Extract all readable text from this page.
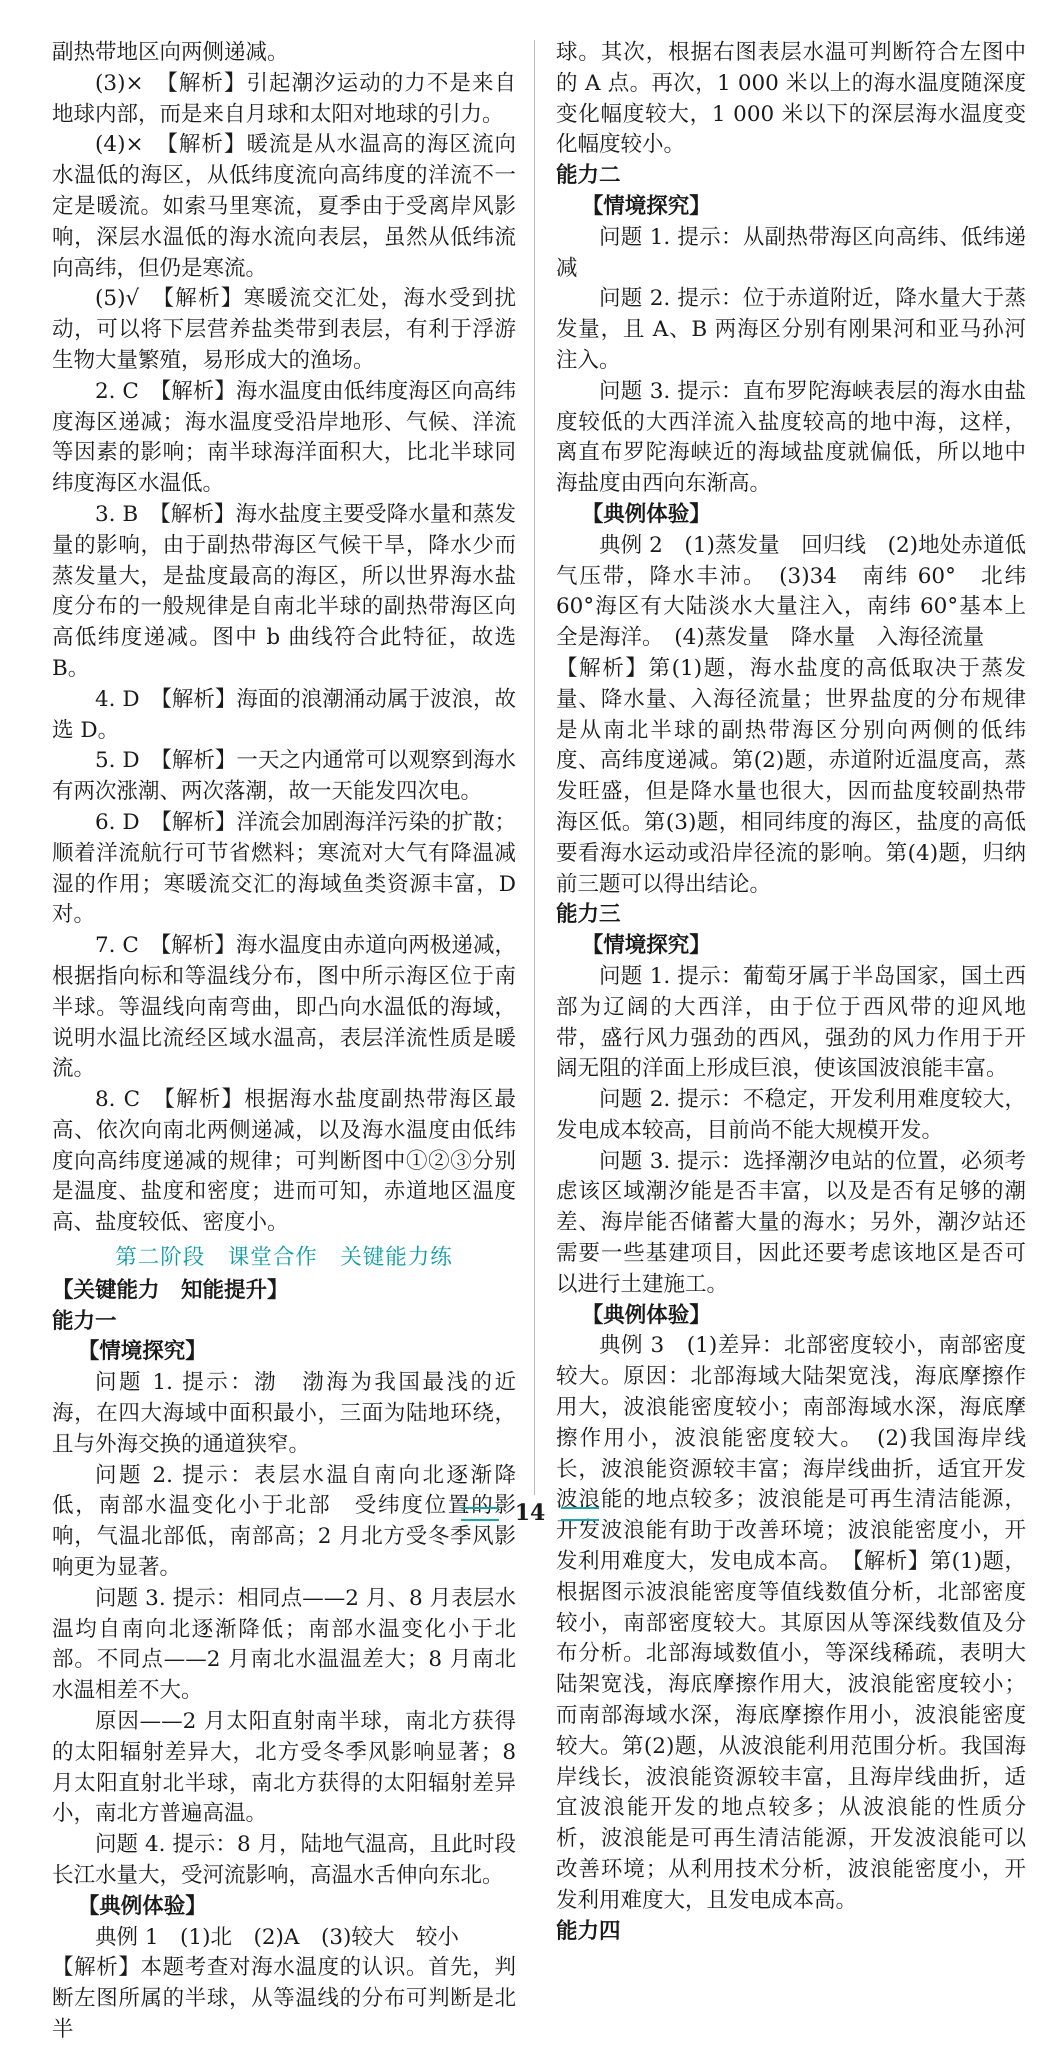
副热带地区向两侧递减。

(3)×　【解析】引起潮汐运动的力不是来自地球内部，而是来自月球和太阳对地球的引力。

(4)×　【解析】暖流是从水温高的海区流向水温低的海区，从低纬度流向高纬度的洋流不一定是暖流。如索马里寒流，夏季由于受离岸风影响，深层水温低的海水流向表层，虽然从低纬流向高纬，但仍是寒流。

(5)√　【解析】寒暖流交汇处，海水受到扰动，可以将下层营养盐类带到表层，有利于浮游生物大量繁殖，易形成大的渔场。

2. C　【解析】海水温度由低纬度海区向高纬度海区递减；海水温度受沿岸地形、气候、洋流等因素的影响；南半球海洋面积大，比北半球同纬度海区水温低。

3. B　【解析】海水盐度主要受降水量和蒸发量的影响，由于副热带海区气候干旱，降水少而蒸发量大，是盐度最高的海区，所以世界海水盐度分布的一般规律是自南北半球的副热带海区向高低纬度递减。图中 b 曲线符合此特征，故选 B。

4. D　【解析】海面的浪潮涌动属于波浪，故选 D。

5. D　【解析】一天之内通常可以观察到海水有两次涨潮、两次落潮，故一天能发四次电。

6. D　【解析】洋流会加剧海洋污染的扩散；顺着洋流航行可节省燃料；寒流对大气有降温减湿的作用；寒暖流交汇的海域鱼类资源丰富，D对。

7. C　【解析】海水温度由赤道向两极递减，根据指向标和等温线分布，图中所示海区位于南半球。等温线向南弯曲，即凸向水温低的海域，说明水温比流经区域水温高，表层洋流性质是暖流。

8. C　【解析】根据海水盐度副热带海区最高、依次向南北两侧递减，以及海水温度由低纬度向高纬度递减的规律；可判断图中①②③分别是温度、盐度和密度；进而可知，赤道地区温度高、盐度较低、密度小。

第二阶段　课堂合作　关键能力练

【关键能力　知能提升】

能力一

【情境探究】

问题 1. 提示：渤　渤海为我国最浅的近海，在四大海域中面积最小，三面为陆地环绕，且与外海交换的通道狭窄。

问题 2. 提示：表层水温自南向北逐渐降低，南部水温变化小于北部　受纬度位置的影响，气温北部低，南部高；2 月北方受冬季风影响更为显著。

问题 3. 提示：相同点——2 月、8 月表层水温均自南向北逐渐降低；南部水温变化小于北部。不同点——2 月南北水温温差大；8 月南北水温相差不大。

原因——2 月太阳直射南半球，南北方获得的太阳辐射差异大，北方受冬季风影响显著；8 月太阳直射北半球，南北方获得的太阳辐射差异小，南北方普遍高温。

问题 4. 提示：8 月，陆地气温高，且此时段长江水量大，受河流影响，高温水舌伸向东北。

【典例体验】

典例 1　(1)北　(2)A　(3)较大　较小

【解析】本题考查对海水温度的认识。首先，判断左图所属的半球，从等温线的分布可判断是北半

球。其次，根据右图表层水温可判断符合左图中的 A 点。再次，1 000 米以上的海水温度随深度变化幅度较大，1 000 米以下的深层海水温度变化幅度较小。

能力二

【情境探究】

问题 1. 提示：从副热带海区向高纬、低纬递减

问题 2. 提示：位于赤道附近，降水量大于蒸发量，且 A、B 两海区分别有刚果河和亚马孙河注入。

问题 3. 提示：直布罗陀海峡表层的海水由盐度较低的大西洋流入盐度较高的地中海，这样，离直布罗陀海峡近的海域盐度就偏低，所以地中海盐度由西向东渐高。

【典例体验】

典例 2　(1)蒸发量　回归线　(2)地处赤道低气压带，降水丰沛。　(3)34　南纬 60°　北纬 60°海区有大陆淡水大量注入，南纬 60°基本上全是海洋。　(4)蒸发量　降水量　入海径流量

【解析】第(1)题，海水盐度的高低取决于蒸发量、降水量、入海径流量；世界盐度的分布规律是从南北半球的副热带海区分别向两侧的低纬度、高纬度递减。第(2)题，赤道附近温度高，蒸发旺盛，但是降水量也很大，因而盐度较副热带海区低。第(3)题，相同纬度的海区，盐度的高低要看海水运动或沿岸径流的影响。第(4)题，归纳前三题可以得出结论。

能力三

【情境探究】

问题 1. 提示：葡萄牙属于半岛国家，国土西部为辽阔的大西洋，由于位于西风带的迎风地带，盛行风力强劲的西风，强劲的风力作用于开阔无阻的洋面上形成巨浪，使该国波浪能丰富。

问题 2. 提示：不稳定，开发利用难度较大，发电成本较高，目前尚不能大规模开发。

问题 3. 提示：选择潮汐电站的位置，必须考虑该区域潮汐能是否丰富，以及是否有足够的潮差、海岸能否储蓄大量的海水；另外，潮汐站还需要一些基建项目，因此还要考虑该地区是否可以进行土建施工。

【典例体验】

典例 3　(1)差异：北部密度较小，南部密度较大。原因：北部海域大陆架宽浅，海底摩擦作用大，波浪能密度较小；南部海域水深，海底摩擦作用小，波浪能密度较大。　(2)我国海岸线长，波浪能资源较丰富；海岸线曲折，适宜开发波浪能的地点较多；波浪能是可再生清洁能源，开发波浪能有助于改善环境；波浪能密度小，开发利用难度大，发电成本高。　【解析】第(1)题，根据图示波浪能密度等值线数值分析，北部密度较小，南部密度较大。其原因从等深线数值及分布分析。北部海域数值小，等深线稀疏，表明大陆架宽浅，海底摩擦作用大，波浪能密度较小；而南部海域水深，海底摩擦作用小，波浪能密度较大。第(2)题，从波浪能利用范围分析。我国海岸线长，波浪能资源较丰富，且海岸线曲折，适宜波浪能开发的地点较多；从波浪能的性质分析，波浪能是可再生清洁能源，开发波浪能可以改善环境；从利用技术分析，波浪能密度小，开发利用难度大，且发电成本高。

能力四

14
